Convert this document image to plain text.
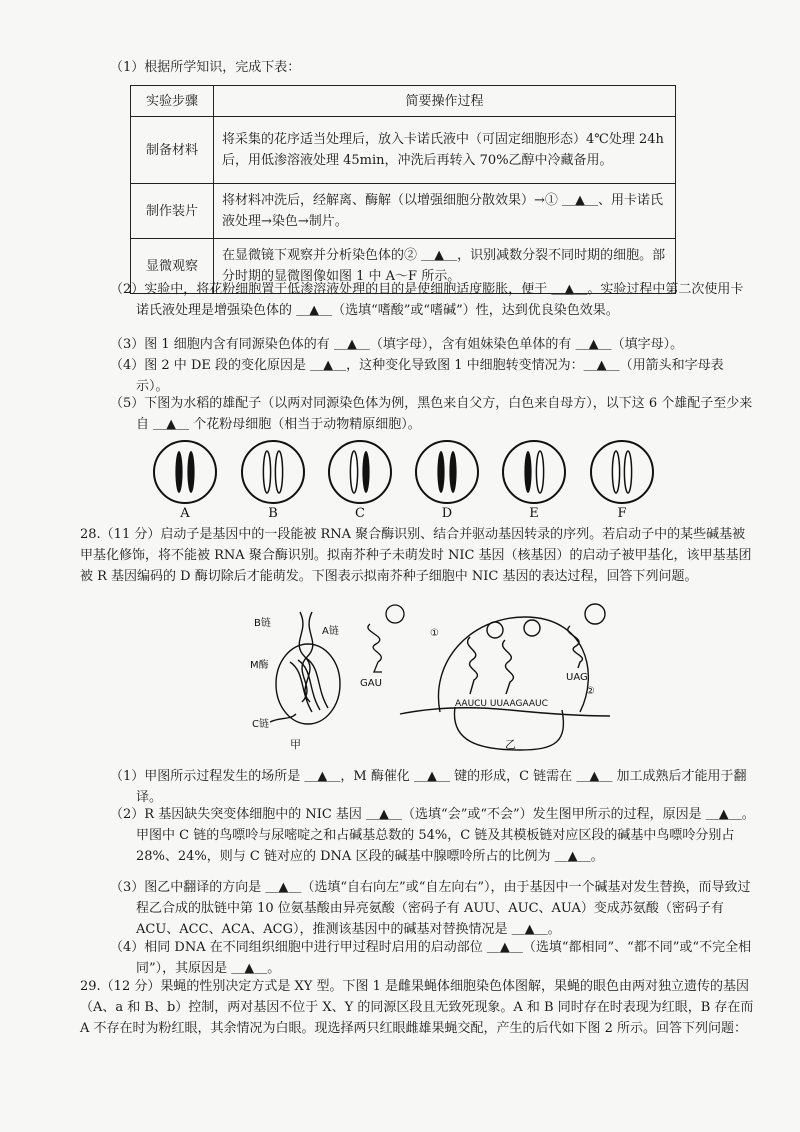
（1）根据所学知识，完成下表：

实验步骤	简要操作过程
制备材料	将采集的花序适当处理后，放入卡诺氏液中（可固定细胞形态）4℃处理 24h 后，用低渗溶液处理 45min，冲洗后再转入 70%乙醇中冷藏备用。
制作装片	将材料冲洗后，经解离、酶解（以增强细胞分散效果）→① ＿▲＿、用卡诺氏液处理→染色→制片。
显微观察	在显微镜下观察并分析染色体的② ＿▲＿，识别减数分裂不同时期的细胞。部分时期的显微图像如图 1 中 A～F 所示。

（2）实验中，将花粉细胞置于低渗溶液处理的目的是使细胞适度膨胀，便于 ＿▲＿。实验过程中第二次使用卡诺氏液处理是增强染色体的 ＿▲＿（选填“嗜酸”或“嗜碱”）性，达到优良染色效果。

（3）图 1 细胞内含有同源染色体的有 ＿▲＿（填字母），含有姐妹染色单体的有 ＿▲＿（填字母）。

（4）图 2 中 DE 段的变化原因是 ＿▲＿，这种变化导致图 1 中细胞转变情况为：＿▲＿（用箭头和字母表示）。

（5）下图为水稻的雄配子（以两对同源染色体为例，黑色来自父方，白色来自母方），以下这 6 个雄配子至少来自 ＿▲＿ 个花粉母细胞（相当于动物精原细胞）。

A	B	C	D	E	F

28.（11 分）启动子是基因中的一段能被 RNA 聚合酶识别、结合并驱动基因转录的序列。若启动子中的某些碱基被甲基化修饰，将不能被 RNA 聚合酶识别。拟南芥种子未萌发时 NIC 基因（核基因）的启动子被甲基化，该甲基基团被 R 基因编码的 D 酶切除后才能萌发。下图表示拟南芥种子细胞中 NIC 基因的表达过程，回答下列问题。

B链
A链
M酶
C链
甲
GAU
AAUCU UUAAGAAUC
①
②
UAG
乙

（1）甲图所示过程发生的场所是 ＿▲＿，M 酶催化 ＿▲＿ 键的形成，C 链需在 ＿▲＿ 加工成熟后才能用于翻译。

（2）R 基因缺失突变体细胞中的 NIC 基因 ＿▲＿（选填“会”或“不会”）发生图甲所示的过程，原因是 ＿▲＿。甲图中 C 链的鸟嘌呤与尿嘧啶之和占碱基总数的 54%，C 链及其模板链对应区段的碱基中鸟嘌呤分别占 28%、24%，则与 C 链对应的 DNA 区段的碱基中腺嘌呤所占的比例为 ＿▲＿。

（3）图乙中翻译的方向是 ＿▲＿（选填“自右向左”或“自左向右”），由于基因中一个碱基对发生替换，而导致过程乙合成的肽链中第 10 位氨基酸由异亮氨酸（密码子有 AUU、AUC、AUA）变成苏氨酸（密码子有 ACU、ACC、ACA、ACG），推测该基因中的碱基对替换情况是 ＿▲＿。

（4）相同 DNA 在不同组织细胞中进行甲过程时启用的启动部位 ＿▲＿（选填“都相同”、“都不同”或“不完全相同”），其原因是 ＿▲＿。

29.（12 分）果蝇的性别决定方式是 XY 型。下图 1 是雌果蝇体细胞染色体图解，果蝇的眼色由两对独立遗传的基因（A、a 和 B、b）控制，两对基因不位于 X、Y 的同源区段且无致死现象。A 和 B 同时存在时表现为红眼，B 存在而 A 不存在时为粉红眼，其余情况为白眼。现选择两只红眼雌雄果蝇交配，产生的后代如下图 2 所示。回答下列问题：
